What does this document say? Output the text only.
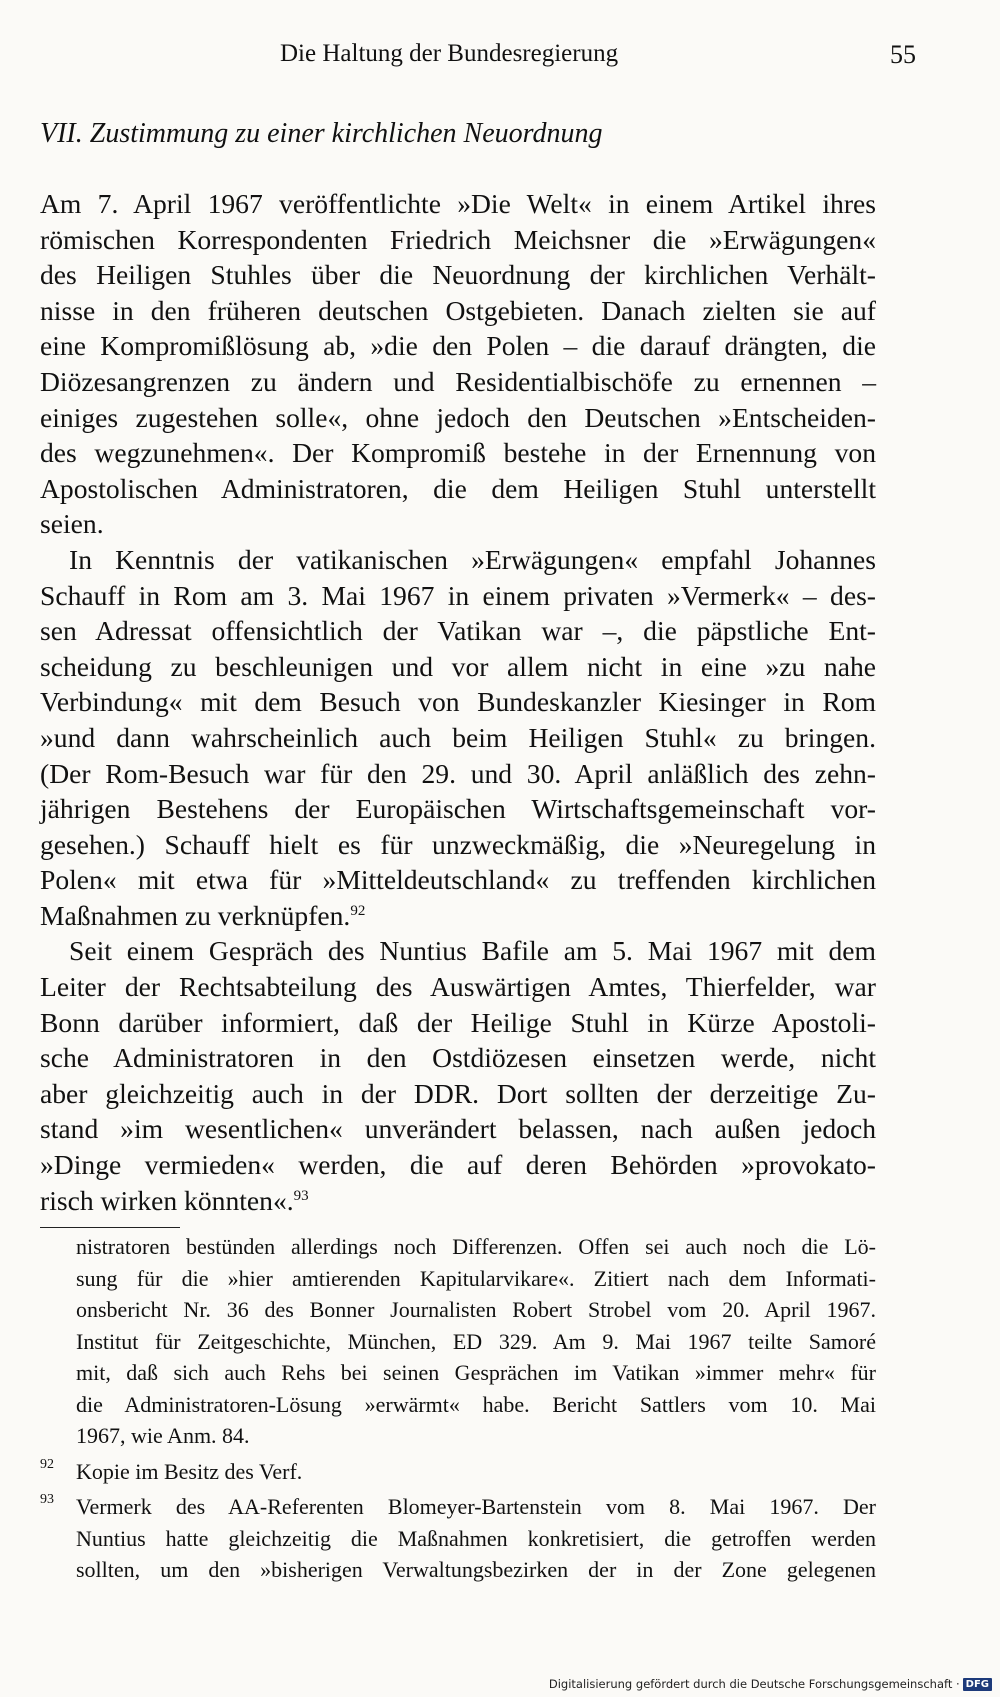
Die Haltung der Bundesregierung	55
VII. Zustimmung zu einer kirchlichen Neuordnung
Am 7. April 1967 veröffentlichte »Die Welt« in einem Artikel ihres
römischen Korrespondenten Friedrich Meichsner die »Erwägungen«
des Heiligen Stuhles über die Neuordnung der kirchlichen Verhält-
nisse in den früheren deutschen Ostgebieten. Danach zielten sie auf
eine Kompromißlösung ab, »die den Polen – die darauf drängten, die
Diözesangrenzen zu ändern und Residentialbischöfe zu ernennen –
einiges zugestehen solle«, ohne jedoch den Deutschen »Entscheiden-
des wegzunehmen«. Der Kompromiß bestehe in der Ernennung von
Apostolischen Administratoren, die dem Heiligen Stuhl unterstellt
seien.
In Kenntnis der vatikanischen »Erwägungen« empfahl Johannes
Schauff in Rom am 3. Mai 1967 in einem privaten »Vermerk« – des-
sen Adressat offensichtlich der Vatikan war –, die päpstliche Ent-
scheidung zu beschleunigen und vor allem nicht in eine »zu nahe
Verbindung« mit dem Besuch von Bundeskanzler Kiesinger in Rom
»und dann wahrscheinlich auch beim Heiligen Stuhl« zu bringen.
(Der Rom-Besuch war für den 29. und 30. April anläßlich des zehn-
jährigen Bestehens der Europäischen Wirtschaftsgemeinschaft vor-
gesehen.) Schauff hielt es für unzweckmäßig, die »Neuregelung in
Polen« mit etwa für »Mitteldeutschland« zu treffenden kirchlichen
Maßnahmen zu verknüpfen.$^{92}$
Seit einem Gespräch des Nuntius Bafile am 5. Mai 1967 mit dem
Leiter der Rechtsabteilung des Auswärtigen Amtes, Thierfelder, war
Bonn darüber informiert, daß der Heilige Stuhl in Kürze Apostoli-
sche Administratoren in den Ostdiözesen einsetzen werde, nicht
aber gleichzeitig auch in der DDR. Dort sollten der derzeitige Zu-
stand »im wesentlichen« unverändert belassen, nach außen jedoch
»Dinge vermieden« werden, die auf deren Behörden »provokato-
risch wirken könnten«.$^{93}$
nistratoren bestünden allerdings noch Differenzen. Offen sei auch noch die Lö-
sung für die »hier amtierenden Kapitularvikare«. Zitiert nach dem Informati-
onsbericht Nr. 36 des Bonner Journalisten Robert Strobel vom 20. April 1967.
Institut für Zeitgeschichte, München, ED 329. Am 9. Mai 1967 teilte Samoré
mit, daß sich auch Rehs bei seinen Gesprächen im Vatikan »immer mehr« für
die Administratoren-Lösung »erwärmt« habe. Bericht Sattlers vom 10. Mai
1967, wie Anm. 84.
92	Kopie im Besitz des Verf.
93	Vermerk des AA-Referenten Blomeyer-Bartenstein vom 8. Mai 1967. Der
Nuntius hatte gleichzeitig die Maßnahmen konkretisiert, die getroffen werden
sollten, um den »bisherigen Verwaltungsbezirken der in der Zone gelegenen
Digitalisierung gefördert durch die Deutsche Forschungsgemeinschaft · DFG
